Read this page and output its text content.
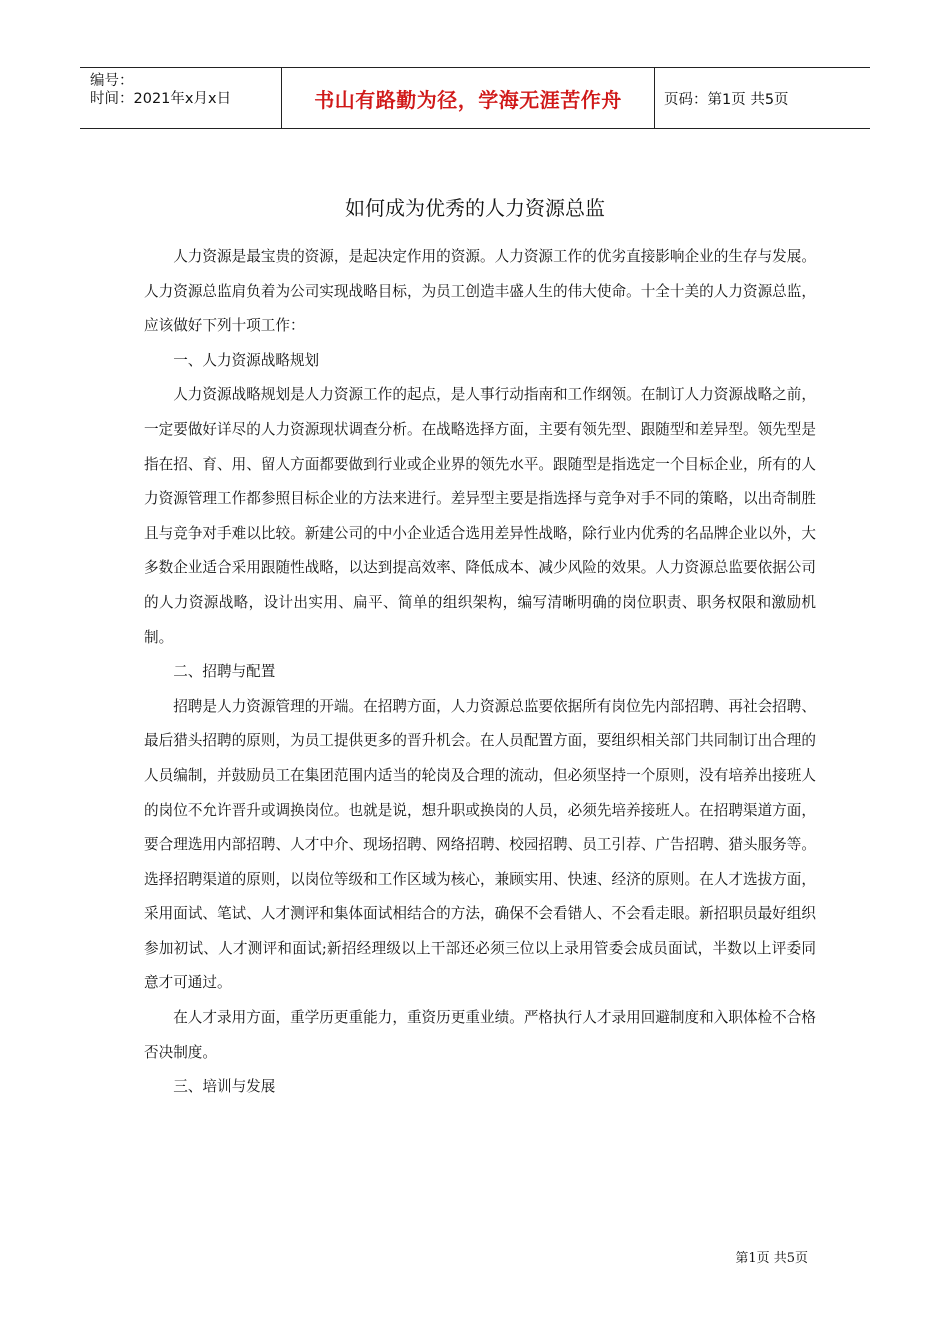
编号：
时间：2021年x月x日	书山有路勤为径，学海无涯苦作舟	页码：第1页 共5页
如何成为优秀的人力资源总监

人力资源是最宝贵的资源，是起决定作用的资源。人力资源工作的优劣直接影响企业的生存与发展。人力资源总监肩负着为公司实现战略目标，为员工创造丰盛人生的伟大使命。十全十美的人力资源总监，应该做好下列十项工作：

一、人力资源战略规划

人力资源战略规划是人力资源工作的起点，是人事行动指南和工作纲领。在制订人力资源战略之前，一定要做好详尽的人力资源现状调查分析。在战略选择方面，主要有领先型、跟随型和差异型。领先型是指在招、育、用、留人方面都要做到行业或企业界的领先水平。跟随型是指选定一个目标企业，所有的人力资源管理工作都参照目标企业的方法来进行。差异型主要是指选择与竞争对手不同的策略，以出奇制胜且与竞争对手难以比较。新建公司的中小企业适合选用差异性战略，除行业内优秀的名品牌企业以外，大多数企业适合采用跟随性战略，以达到提高效率、降低成本、减少风险的效果。人力资源总监要依据公司的人力资源战略，设计出实用、扁平、简单的组织架构，编写清晰明确的岗位职责、职务权限和激励机制。

二、招聘与配置

招聘是人力资源管理的开端。在招聘方面，人力资源总监要依据所有岗位先内部招聘、再社会招聘、最后猎头招聘的原则，为员工提供更多的晋升机会。在人员配置方面，要组织相关部门共同制订出合理的人员编制，并鼓励员工在集团范围内适当的轮岗及合理的流动，但必须坚持一个原则，没有培养出接班人的岗位不允许晋升或调换岗位。也就是说，想升职或换岗的人员，必须先培养接班人。在招聘渠道方面，要合理选用内部招聘、人才中介、现场招聘、网络招聘、校园招聘、员工引荐、广告招聘、猎头服务等。选择招聘渠道的原则，以岗位等级和工作区域为核心，兼顾实用、快速、经济的原则。在人才选拔方面，采用面试、笔试、人才测评和集体面试相结合的方法，确保不会看错人、不会看走眼。新招职员最好组织参加初试、人才测评和面试;新招经理级以上干部还必须三位以上录用管委会成员面试，半数以上评委同意才可通过。

在人才录用方面，重学历更重能力，重资历更重业绩。严格执行人才录用回避制度和入职体检不合格否决制度。

三、培训与发展

第1页 共5页
